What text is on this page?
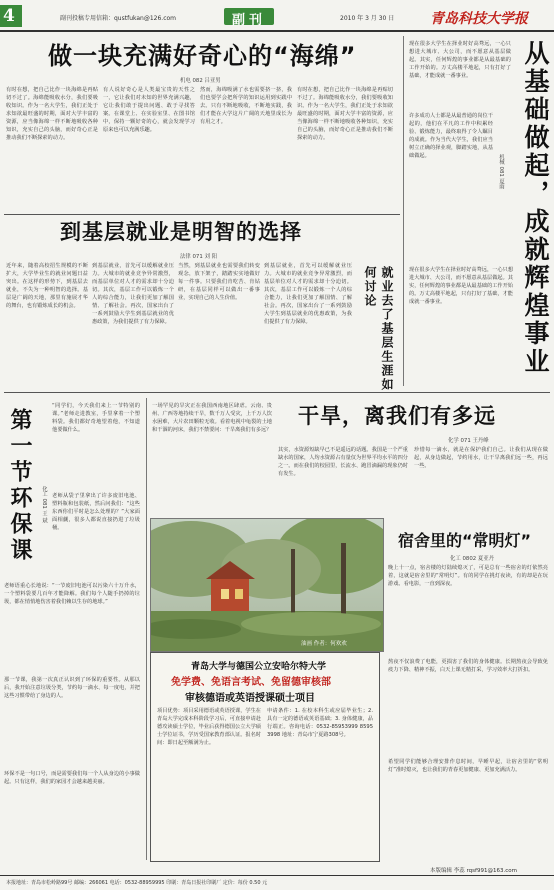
4	副刊投稿专用信箱：qustfukan@126.com	副刊	2010 年 3 月 30 日	青岛科技大学报
做一块充满好奇心的“海绵”
机电 082 吕亚男
有时在想，把自己比作一块海绵是再贴切不过了。海绵能吸收水分，我们要吸收知识。作为一名大学生，我们正处于求知欲最旺盛的时期，面对大学丰富的资源，应当像海绵一样不断地吸收各种知识，充实自己的头脑，而好奇心正是推动我们不断探索的动力。
有人说好奇心是人类最宝贵的天性之一，它让我们对未知的世界充满兴趣，它让我们敢于提出问题、敢于寻找答案。在课堂上、在实验室里、在图书馆中，保持一颗好奇的心，就会发现学习原来也可以充满乐趣。
然而，海绵吸满了水也需要挤一挤，我们也要学会把所学的知识运用到实践中去。只有不断地吸收，不断地实践，我们才能在大学这片广阔的天地里成长为有用之才。
有时在想，把自己比作一块海绵是再贴切不过了。海绵能吸收水分，我们要吸收知识。作为一名大学生，我们正处于求知欲最旺盛的时期，面对大学丰富的资源，应当像海绵一样不断地吸收各种知识，充实自己的头脑，而好奇心正是推动我们不断探索的动力。
到基层就业是明智的选择
法律 071 刘 阳
近年来，随着高校招生规模的不断扩大，大学毕业生的就业问题日益突出。在这样的形势下，到基层去就业，不失为一种明智的选择。基层是广阔的天地，那里有施展才华的舞台，也有锻炼成长的机会。
到基层就业，首先可以缓解就业压力。大城市的就业竞争异常激烈，而基层单位对人才的需求却十分迫切。其次，基层工作可以锻炼一个人的综合能力，让我们更加了解国情、了解社会。再次，国家出台了一系列鼓励大学生到基层就业的优惠政策，为我们提供了有力保障。
当然，到基层就业也需要我们转变观念，放下架子，踏踏实实地做好每一件事。只要我们肯吃苦、肯钻研，在基层同样可以做出一番事业，实现自己的人生价值。
到基层就业，首先可以缓解就业压力。大城市的就业竞争异常激烈，而基层单位对人才的需求却十分迫切。其次，基层工作可以锻炼一个人的综合能力，让我们更加了解国情、了解社会。再次，国家出台了一系列鼓励大学生到基层就业的优惠政策，为我们提供了有力保障。	就业去了基层生涯如何讨论	从基础做起，成就辉煌事业
机械 081 夏雨
现在很多大学生在择业时好高骛远，一心只想进大城市、大公司，而不愿意从基层做起。其实，任何辉煌的事业都是从最基础的工作开始的。万丈高楼平地起，只有打好了基础，才能成就一番事业。
许多成功人士都是从最普通的岗位干起的，他们在平凡的工作中积累经验、锻炼能力，最终取得了令人瞩目的成就。作为当代大学生，我们应当树立正确的择业观，脚踏实地，从基础做起。
现在很多大学生在择业时好高骛远，一心只想进大城市、大公司，而不愿意从基层做起。其实，任何辉煌的事业都是从最基础的工作开始的。万丈高楼平地起，只有打好了基础，才能成就一番事业。
第一节环保课	化工 081 王 斌
“同学们，今天我们来上一节特别的课。”老师走进教室，手里拿着一个塑料袋。我们都好奇地望着他，不知道他要做什么。
老师从袋子里拿出了许多废旧电池、塑料瓶和包装纸，然后问我们：“这些东西你们平时是怎么处理的？”大家面面相觑，很多人都说直接扔进了垃圾桶。
老师语重心长地说：“一节废旧电池可以污染六十万升水，一个塑料袋要几百年才能降解。我们每个人随手扔掉的垃圾，都在悄悄地伤害着我们赖以生存的地球。”
那一节课，我第一次真正认识到了环保的重要性。从那以后，我开始注意垃圾分类，节约每一滴水、每一度电，并把这些习惯带给了身边的人。
环保不是一句口号，而是需要我们每一个人从身边的小事做起。只有这样，我们的家园才会越来越美丽。
一场罕见的旱灾正在我国西南地区肆虐。云南、贵州、广西等地持续干旱，数千万人受灾，上千万人饮水困难，大片农田颗粒无收。看着电视中龟裂的土地和干涸的河床，我们不禁要问：干旱离我们有多远？
干旱，离我们有多远
化学 071 王丹峰
其实，水资源短缺早已不是遥远的话题。我国是一个严重缺水的国家，人均水资源占有量仅为世界平均水平的四分之一。而在我们的校园里，长流水、跑冒滴漏的现象仍时有发生。
珍惜每一滴水，就是在保护我们自己。让我们从现在做起，从身边做起，节约用水，让干旱离我们远一些，再远一些。
油画 作者：何欢欢
宿舍里的“常明灯”
化工 0802 夏亚丹
晚上十一点，宿舍楼的灯陆续熄灭了，可是总有一些宿舍的灯依然亮着，这就是宿舍里的“常明灯”。有的同学在挑灯夜读，有的却是在玩游戏、看电影，一直到深夜。
熬夜不仅浪费了电能，更损害了我们的身体健康。长期熬夜会导致免疫力下降、精神不振，白天上课无精打采，学习效率大打折扣。
希望同学们能够合理安排作息时间，早睡早起，让宿舍里的“常明灯”准时熄灭，也让我们的青春更加健康、更加充满活力。
青岛大学与德国公立安哈尔特大学
免学费、免语言考试、免留德审核部
审核德语或英语授课硕士项目
项目优势：项目采用德语或英语授课，学生在青岛大学完成本科阶段学习后，可直接申请赴德攻读硕士学位，毕业后获得德国公立大学硕士学位证书，学历受国家教育部认证。报名时间：即日起至额满为止。
申请条件：1. 在校本科生或应届毕业生；2. 具有一定的德语或英语基础；3. 身体健康，品行端正。咨询电话：0532-85953999 85953998 地址：青岛市宁夏路308号。
本版编辑 李蕊 rqsf991@163.com
本报地址：青岛市松岭路99号 邮编：266061 电话：0532-88959995 印刷：青岛日报社印刷厂 定价：每份 0.50 元
